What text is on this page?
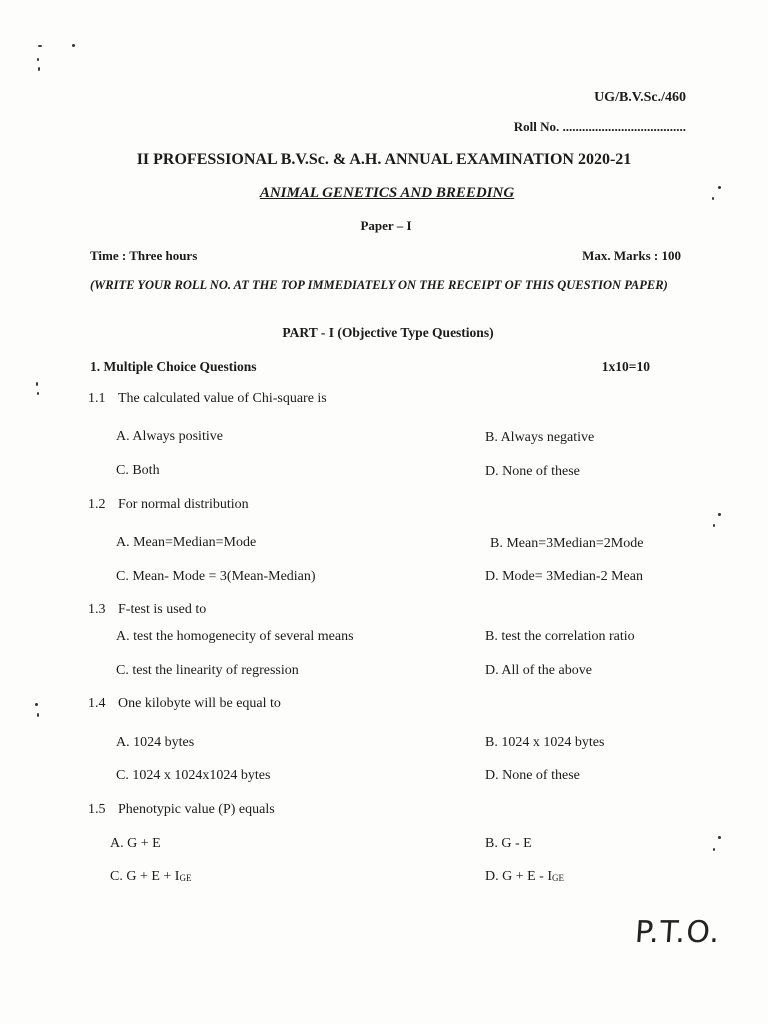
UG/B.V.Sc./460
Roll No. ......................................
II PROFESSIONAL B.V.Sc. & A.H. ANNUAL EXAMINATION 2020-21
ANIMAL GENETICS AND BREEDING
Paper – I
Time : Three hours	Max. Marks : 100
(WRITE YOUR ROLL NO. AT THE TOP IMMEDIATELY ON THE RECEIPT OF THIS QUESTION PAPER)
PART - I (Objective Type Questions)
1. Multiple Choice Questions	1x10=10
1.1 The calculated value of Chi-square is
A. Always positive	B. Always negative
C. Both	D. None of these
1.2 For normal distribution
A. Mean=Median=Mode	B. Mean=3Median=2Mode
C. Mean- Mode = 3(Mean-Median)	D. Mode= 3Median-2 Mean
1.3 F-test is used to
A. test the homogenecity of several means	B. test the correlation ratio
C. test the linearity of regression	D. All of the above
1.4 One kilobyte will be equal to
A. 1024 bytes	B. 1024 x 1024 bytes
C. 1024 x 1024x1024 bytes	D. None of these
1.5 Phenotypic value (P) equals
A. G + E	B. G - E
C. G + E + IGE	D. G + E - IGE
P.T.O.
